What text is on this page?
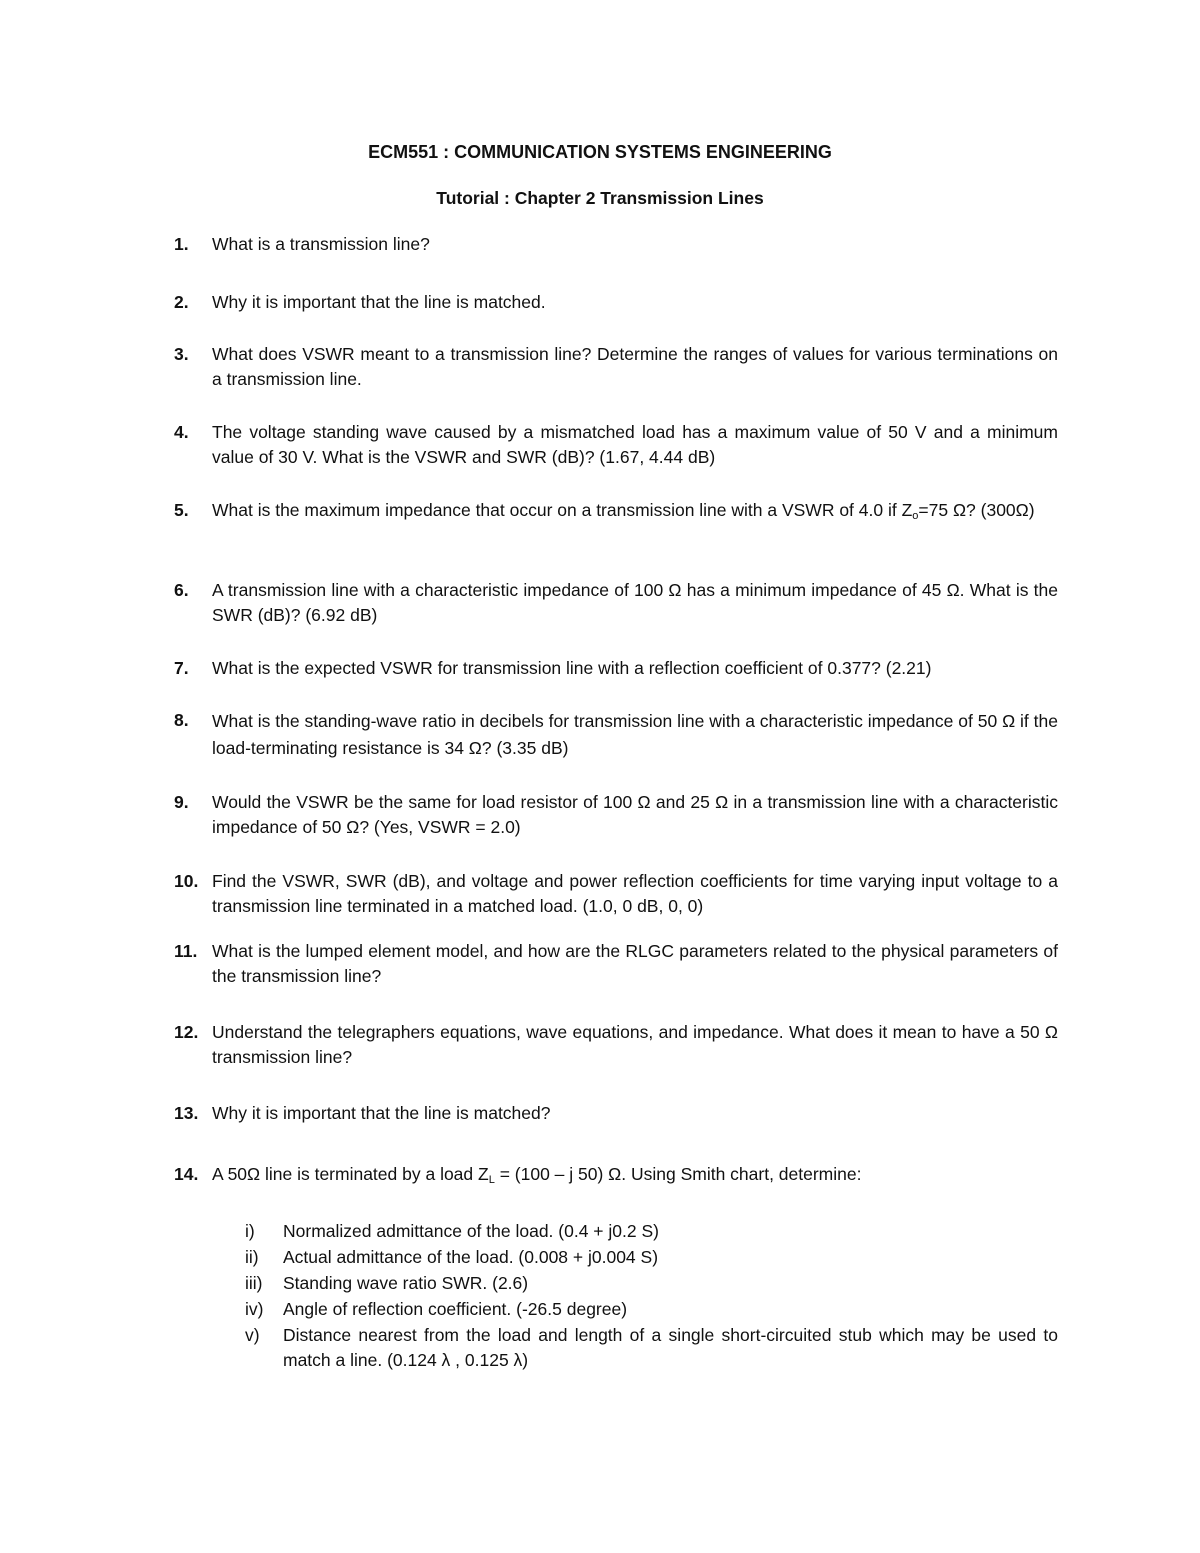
ECM551 : COMMUNICATION SYSTEMS ENGINEERING
Tutorial : Chapter 2 Transmission Lines
1. What is a transmission line?
2. Why it is important that the line is matched.
3. What does VSWR meant to a transmission line? Determine the ranges of values for various terminations on a transmission line.
4. The voltage standing wave caused by a mismatched load has a maximum value of 50 V and a minimum value of 30 V. What is the VSWR and SWR (dB)? (1.67, 4.44 dB)
5. What is the maximum impedance that occur on a transmission line with a VSWR of 4.0 if $Z_o=75$ Ω? (300Ω)
6. A transmission line with a characteristic impedance of 100 Ω has a minimum impedance of 45 Ω. What is the SWR (dB)? (6.92 dB)
7. What is the expected VSWR for transmission line with a reflection coefficient of 0.377? (2.21)
8. What is the standing-wave ratio in decibels for transmission line with a characteristic impedance of 50 Ω if the load-terminating resistance is 34 Ω? (3.35 dB)
9. Would the VSWR be the same for load resistor of 100 Ω and 25 Ω in a transmission line with a characteristic impedance of 50 Ω? (Yes, VSWR = 2.0)
10. Find the VSWR, SWR (dB), and voltage and power reflection coefficients for time varying input voltage to a transmission line terminated in a matched load. (1.0, 0 dB, 0, 0)
11. What is the lumped element model, and how are the RLGC parameters related to the physical parameters of the transmission line?
12. Understand the telegraphers equations, wave equations, and impedance. What does it mean to have a 50 Ω transmission line?
13. Why it is important that the line is matched?
14. A 50Ω line is terminated by a load $Z_L = (100 - j$ 50) Ω. Using Smith chart, determine:
i) Normalized admittance of the load. (0.4 + j0.2 S)
ii) Actual admittance of the load. (0.008 + j0.004 S)
iii) Standing wave ratio SWR. (2.6)
iv) Angle of reflection coefficient. (-26.5 degree)
v) Distance nearest from the load and length of a single short-circuited stub which may be used to match a line. (0.124 λ , 0.125 λ)
